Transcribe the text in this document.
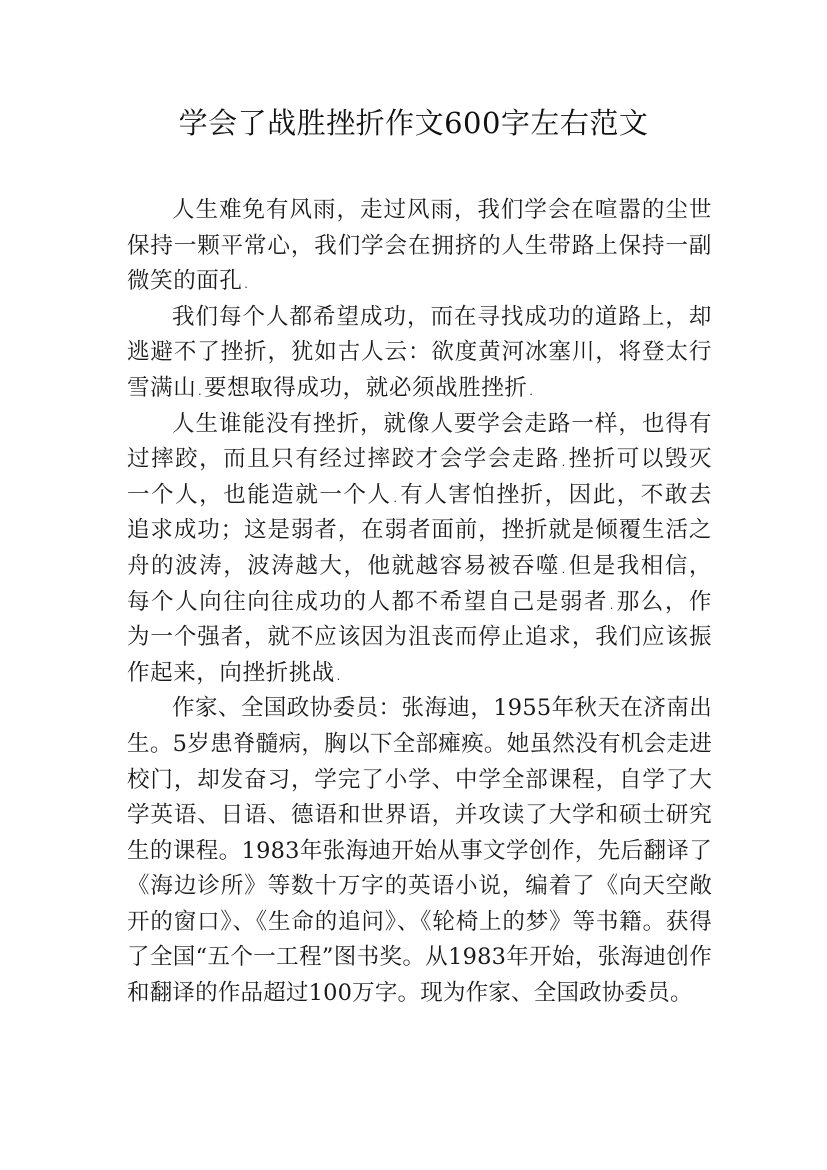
学会了战胜挫折作文600字左右范文

人生难免有风雨，走过风雨，我们学会在喧嚣的尘世保持一颗平常心，我们学会在拥挤的人生带路上保持一副微笑的面孔.

我们每个人都希望成功，而在寻找成功的道路上，却逃避不了挫折，犹如古人云：欲度黄河冰塞川，将登太行雪满山.要想取得成功，就必须战胜挫折.

人生谁能没有挫折，就像人要学会走路一样，也得有过摔跤，而且只有经过摔跤才会学会走路.挫折可以毁灭一个人，也能造就一个人.有人害怕挫折，因此，不敢去追求成功；这是弱者，在弱者面前，挫折就是倾覆生活之舟的波涛，波涛越大，他就越容易被吞噬.但是我相信，每个人向往向往成功的人都不希望自己是弱者.那么，作为一个强者，就不应该因为沮丧而停止追求，我们应该振作起来，向挫折挑战.

作家、全国政协委员：张海迪，1955年秋天在济南出生。5岁患脊髓病，胸以下全部瘫痪。她虽然没有机会走进校门，却发奋习，学完了小学、中学全部课程，自学了大学英语、日语、德语和世界语，并攻读了大学和硕士研究生的课程。1983年张海迪开始从事文学创作，先后翻译了《海边诊所》等数十万字的英语小说，编着了《向天空敞开的窗口》、《生命的追问》、《轮椅上的梦》等书籍。获得了全国“五个一工程”图书奖。从1983年开始，张海迪创作和翻译的作品超过100万字。现为作家、全国政协委员。
